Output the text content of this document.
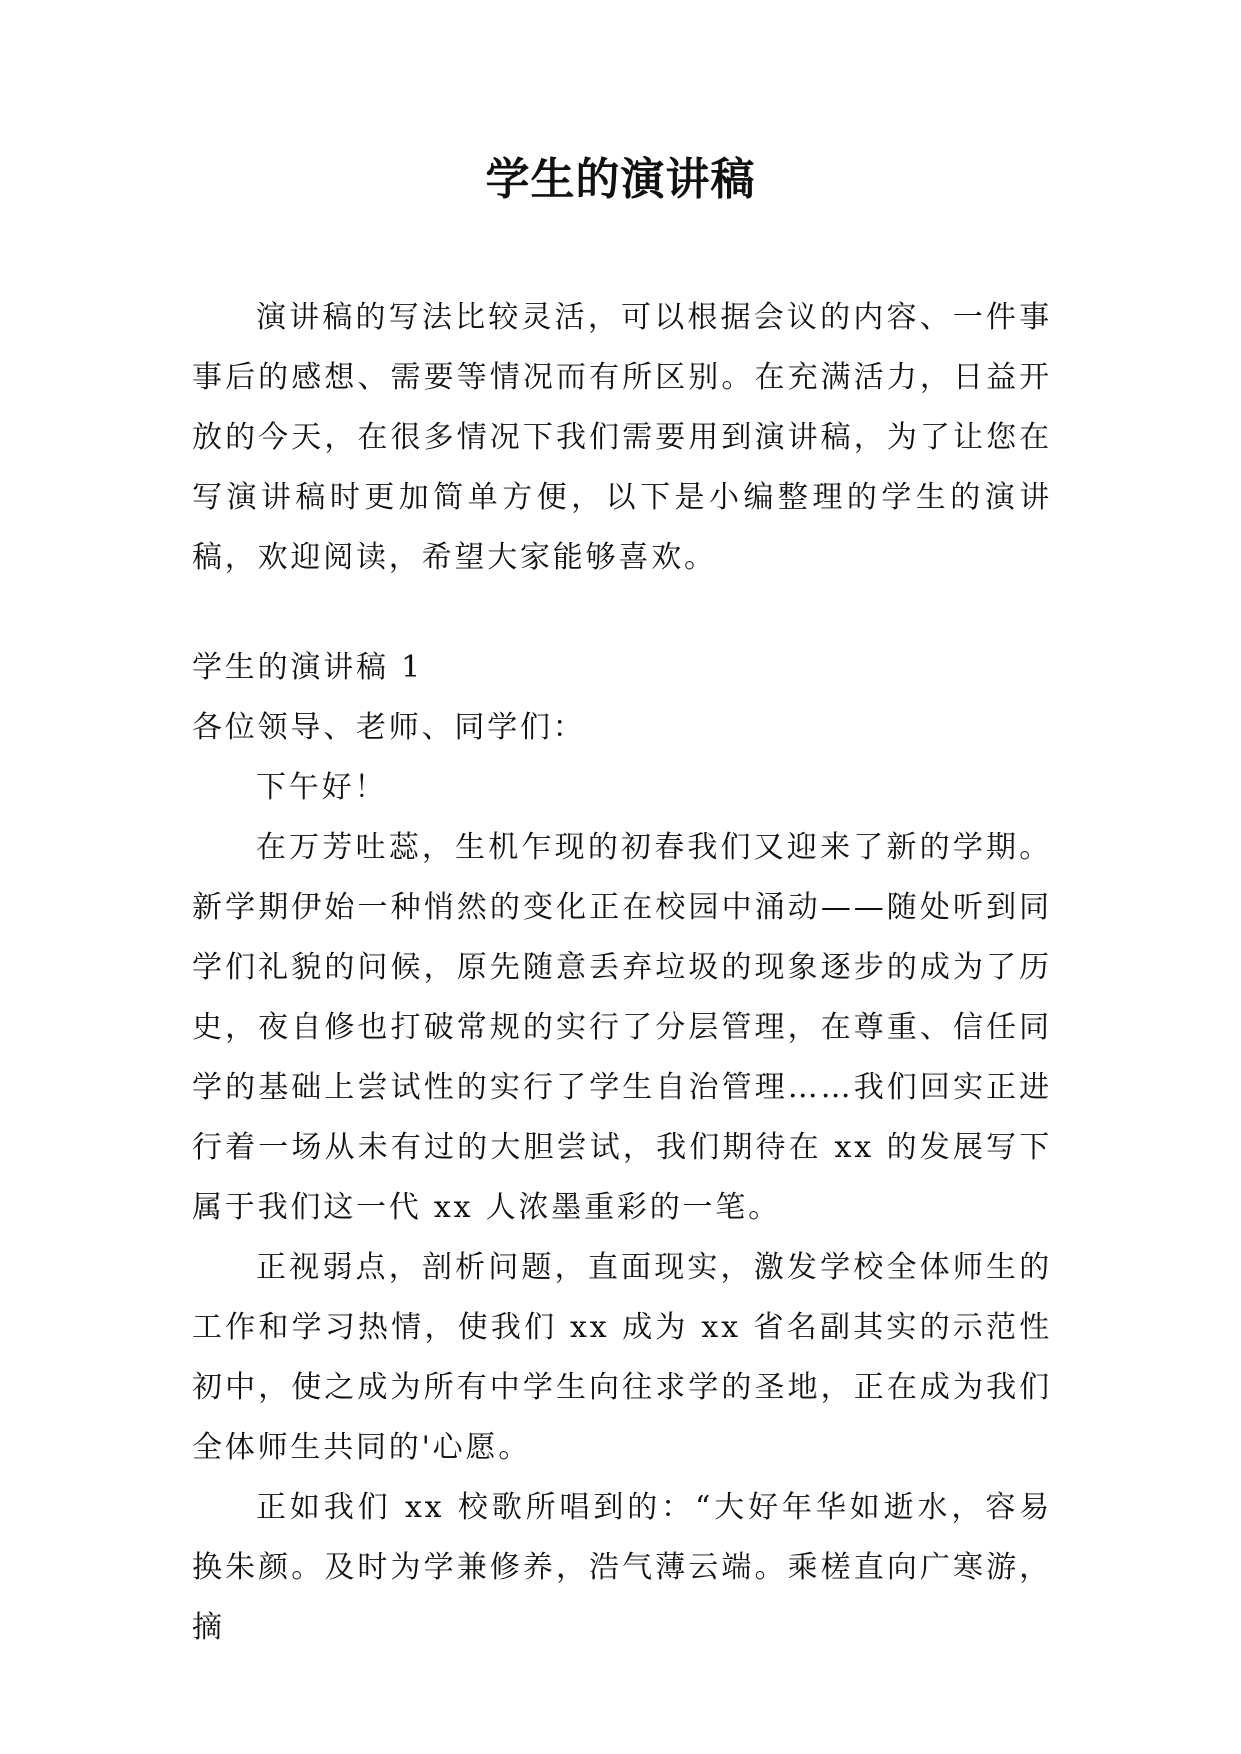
学生的演讲稿

演讲稿的写法比较灵活，可以根据会议的内容、一件事事后的感想、需要等情况而有所区别。在充满活力，日益开放的今天，在很多情况下我们需要用到演讲稿，为了让您在写演讲稿时更加简单方便，以下是小编整理的学生的演讲稿，欢迎阅读，希望大家能够喜欢。

学生的演讲稿 1

各位领导、老师、同学们：

下午好！

在万芳吐蕊，生机乍现的初春我们又迎来了新的学期。新学期伊始一种悄然的变化正在校园中涌动——随处听到同学们礼貌的问候，原先随意丢弃垃圾的现象逐步的成为了历史，夜自修也打破常规的实行了分层管理，在尊重、信任同学的基础上尝试性的实行了学生自治管理……我们回实正进行着一场从未有过的大胆尝试，我们期待在 xx 的发展写下属于我们这一代 xx 人浓墨重彩的一笔。

正视弱点，剖析问题，直面现实，激发学校全体师生的工作和学习热情，使我们 xx 成为 xx 省名副其实的示范性初中，使之成为所有中学生向往求学的圣地，正在成为我们全体师生共同的'心愿。

正如我们 xx 校歌所唱到的：“大好年华如逝水，容易换朱颜。及时为学兼修养，浩气薄云端。乘槎直向广寒游，摘
